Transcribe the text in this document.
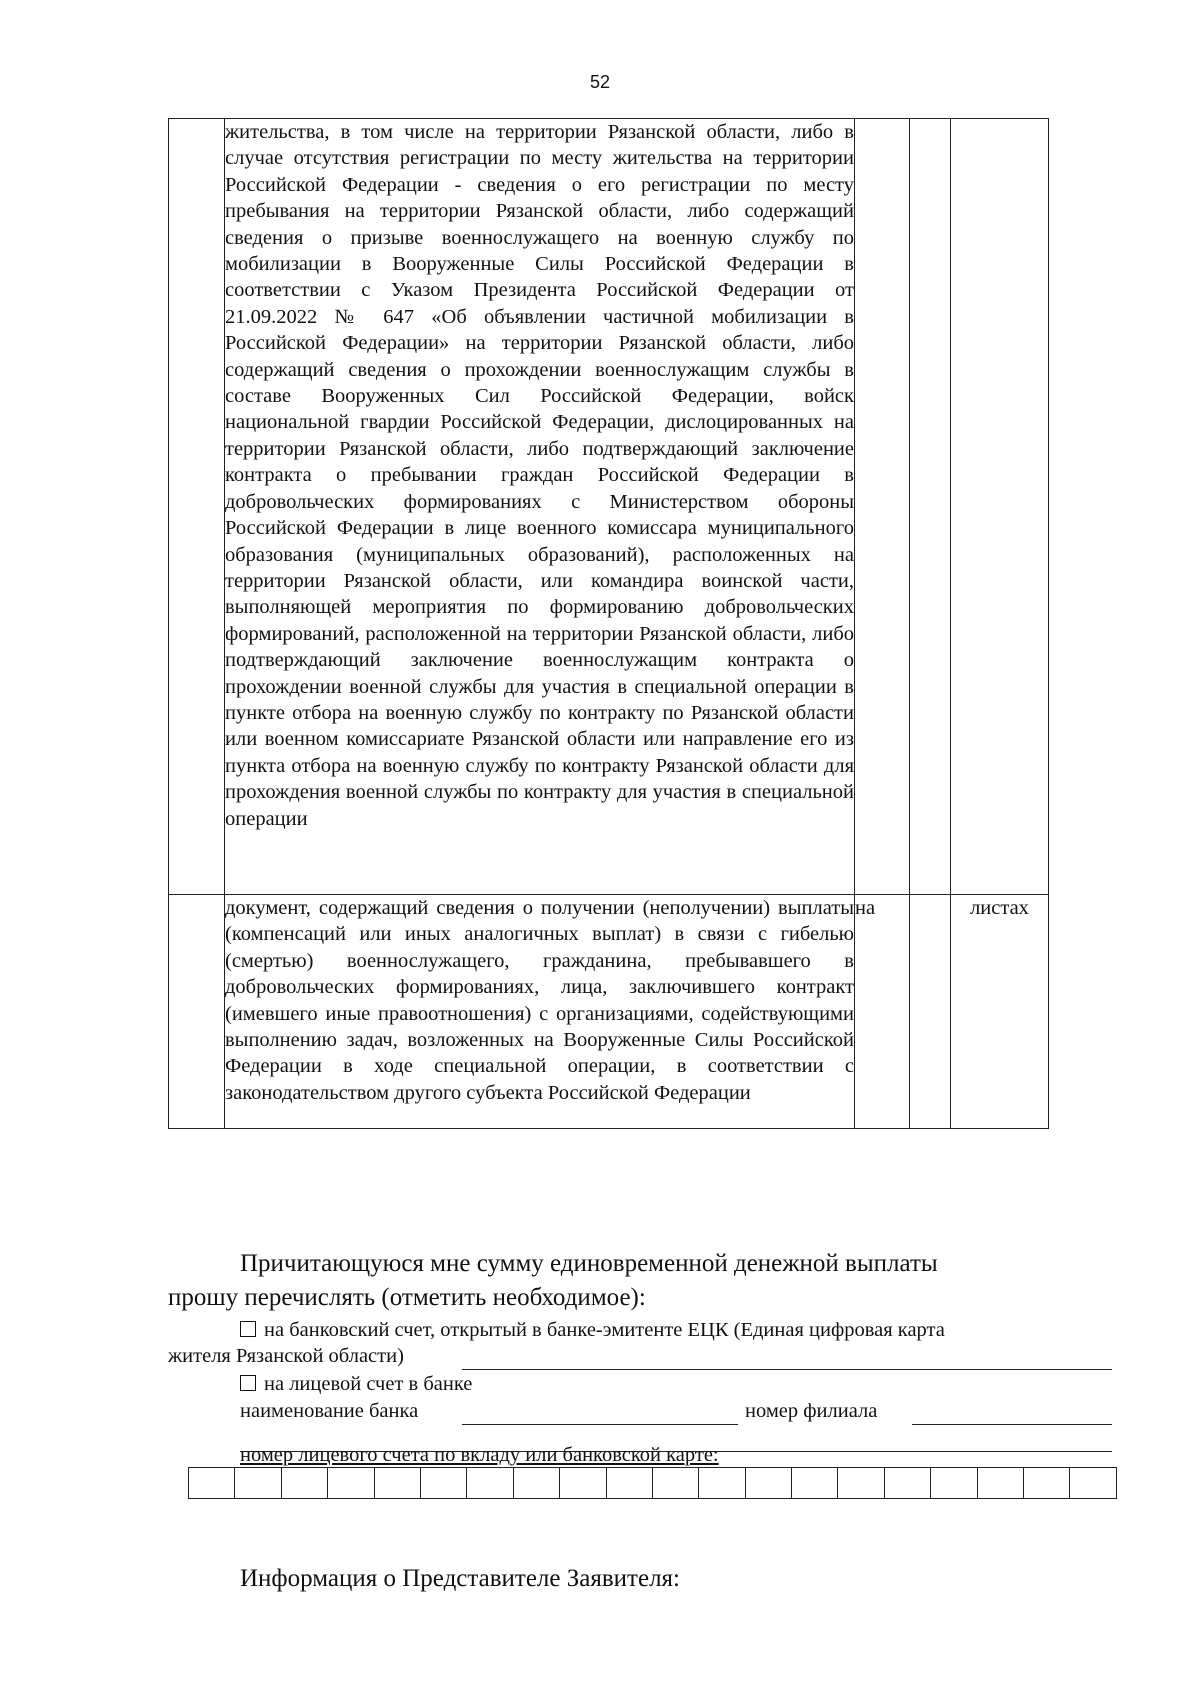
52
	жительства, в том числе на территории Рязанской области, либо в случае отсутствия регистрации по месту жительства на территории Российской Федерации - сведения о его регистрации по месту пребывания на территории Рязанской области, либо содержащий сведения о призыве военнослужащего на военную службу по мобилизации в Вооруженные Силы Российской Федерации в соответствии с Указом Президента Российской Федерации от 21.09.2022 № 647 «Об объявлении частичной мобилизации в Российской Федерации» на территории Рязанской области, либо содержащий сведения о прохождении военнослужащим службы в составе Вооруженных Сил Российской Федерации, войск национальной гвардии Российской Федерации, дислоцированных на территории Рязанской области, либо подтверждающий заключение контракта о пребывании граждан Российской Федерации в добровольческих формированиях с Министерством обороны Российской Федерации в лице военного комиссара муниципального образования (муниципальных образований), расположенных на территории Рязанской области, или командира воинской части, выполняющей мероприятия по формированию добровольческих формирований, расположенной на территории Рязанской области, либо подтверждающий заключение военнослужащим контракта о прохождении военной службы для участия в специальной операции в пункте отбора на военную службу по контракту по Рязанской области или военном комиссариате Рязанской области или направление его из пункта отбора на военную службу по контракту Рязанской области для прохождения военной службы по контракту для участия в специальной операции			
	документ, содержащий сведения о получении (неполучении) выплаты (компенсаций или иных аналогичных выплат) в связи с гибелью (смертью) военнослужащего, гражданина, пребывавшего в добровольческих формированиях, лица, заключившего контракт (имевшего иные правоотношения) с организациями, содействующими выполнению задач, возложенных на Вооруженные Силы Российской Федерации в ходе специальной операции, в соответствии с законодательством другого субъекта Российской Федерации	на		листах
Причитающуюся мне сумму единовременной денежной выплаты
прошу перечислять (отметить необходимое):
на банковский счет, открытый в банке-эмитенте ЕЦК (Единая цифровая карта
жителя Рязанской области)
на лицевой счет в банке
наименование банка	номер филиала
номер лицевого счета по вкладу или банковской карте:

Информация о Представителе Заявителя:
